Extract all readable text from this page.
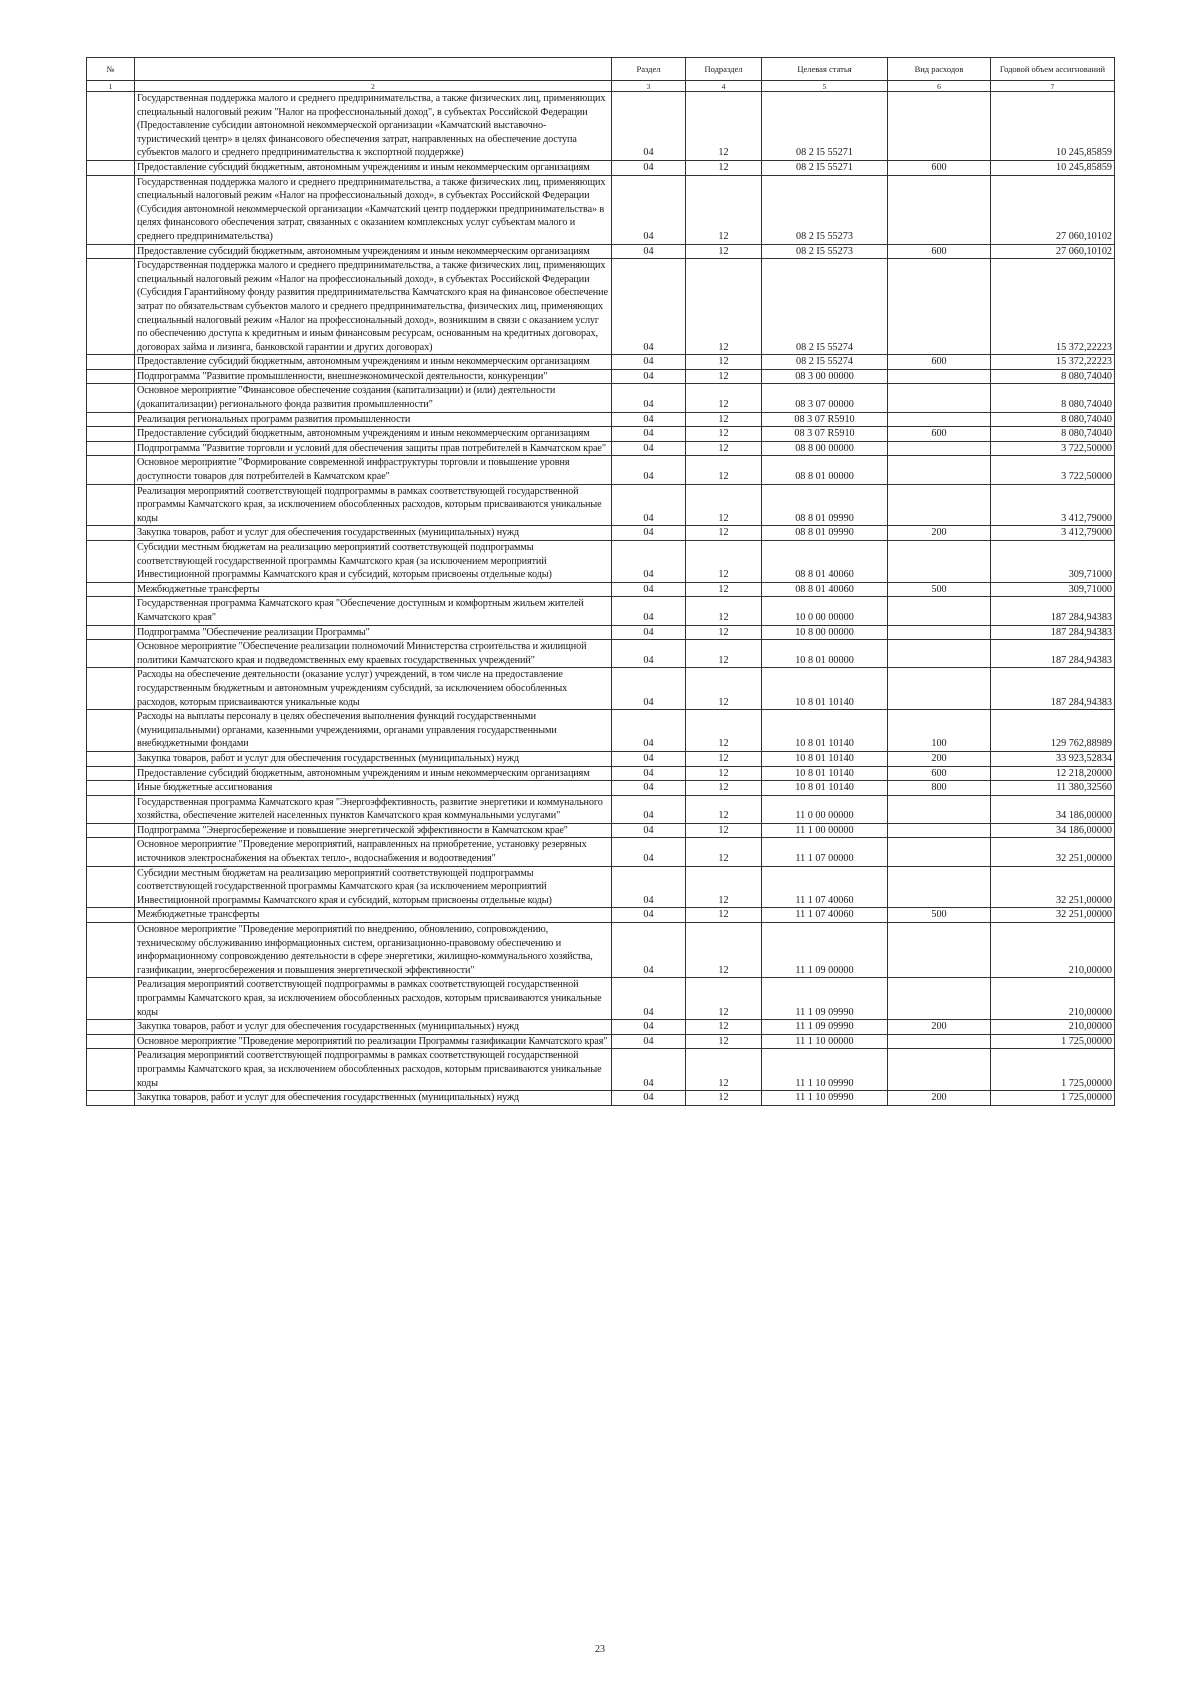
№		Раздел	Подраздел	Целевая статья	Вид расходов	Годовой объем ассигнований
1	2	3	4	5	6	7
	Государственная поддержка малого и среднего предпринимательства, а также физических лиц, применяющих специальный налоговый режим "Налог на профессиональный доход", в субъектах Российской Федерации (Предоставление субсидии автономной некоммерческой организации «Камчатский выставочно-туристический центр» в целях финансового обеспечения затрат, направленных на обеспечение доступа субъектов малого и среднего предпринимательства к экспортной поддержке)	04	12	08 2 I5 55271		10 245,85859
	Предоставление субсидий бюджетным, автономным учреждениям и иным некоммерческим организациям	04	12	08 2 I5 55271	600	10 245,85859
	Государственная поддержка малого и среднего предпринимательства, а также физических лиц, применяющих специальный налоговый режим «Налог на профессиональный доход», в субъектах Российской Федерации (Субсидия автономной некоммерческой организации «Камчатский центр поддержки предпринимательства» в целях финансового обеспечения затрат, связанных с оказанием комплексных услуг субъектам малого и среднего предпринимательства)	04	12	08 2 I5 55273		27 060,10102
	Предоставление субсидий бюджетным, автономным учреждениям и иным некоммерческим организациям	04	12	08 2 I5 55273	600	27 060,10102
	Государственная поддержка малого и среднего предпринимательства, а также физических лиц, применяющих специальный налоговый режим «Налог на профессиональный доход», в субъектах Российской Федерации (Субсидия Гарантийному фонду развития предпринимательства Камчатского края на финансовое обеспечение затрат по обязательствам субъектов малого и среднего предпринимательства, физических лиц, применяющих специальный налоговый режим «Налог на профессиональный доход», возникшим в связи с оказанием услуг по обеспечению доступа к кредитным и иным финансовым ресурсам, основанным на кредитных договорах, договорах займа и лизинга, банковской гарантии и других договорах)	04	12	08 2 I5 55274		15 372,22223
	Предоставление субсидий бюджетным, автономным учреждениям и иным некоммерческим организациям	04	12	08 2 I5 55274	600	15 372,22223
	Подпрограмма "Развитие промышленности, внешнеэкономической деятельности, конкуренции"	04	12	08 3 00 00000		8 080,74040
	Основное мероприятие "Финансовое обеспечение создания (капитализации) и (или) деятельности (докапитализации) регионального фонда развития промышленности"	04	12	08 3 07 00000		8 080,74040
	Реализация региональных программ развития промышленности	04	12	08 3 07 R5910		8 080,74040
	Предоставление субсидий бюджетным, автономным учреждениям и иным некоммерческим организациям	04	12	08 3 07 R5910	600	8 080,74040
	Подпрограмма "Развитие торговли и условий для обеспечения защиты прав потребителей в Камчатском крае"	04	12	08 8 00 00000		3 722,50000
	Основное мероприятие "Формирование современной инфраструктуры торговли и повышение уровня доступности товаров для потребителей в Камчатском крае"	04	12	08 8 01 00000		3 722,50000
	Реализация мероприятий соответствующей подпрограммы в рамках соответствующей государственной программы Камчатского края, за исключением обособленных расходов, которым присваиваются уникальные коды	04	12	08 8 01 09990		3 412,79000
	Закупка товаров, работ и услуг для обеспечения государственных (муниципальных) нужд	04	12	08 8 01 09990	200	3 412,79000
	Субсидии местным бюджетам на реализацию мероприятий соответствующей подпрограммы соответствующей государственной программы Камчатского края (за исключением мероприятий Инвестиционной программы Камчатского края и субсидий, которым присвоены отдельные коды)	04	12	08 8 01 40060		309,71000
	Межбюджетные трансферты	04	12	08 8 01 40060	500	309,71000
	Государственная программа Камчатского края "Обеспечение доступным и комфортным жильем жителей Камчатского края"	04	12	10 0 00 00000		187 284,94383
	Подпрограмма "Обеспечение реализации Программы"	04	12	10 8 00 00000		187 284,94383
	Основное мероприятие "Обеспечение реализации полномочий Министерства строительства и жилищной политики Камчатского края и подведомственных ему краевых государственных учреждений"	04	12	10 8 01 00000		187 284,94383
	Расходы на обеспечение деятельности (оказание услуг) учреждений, в том числе на предоставление государственным бюджетным и автономным учреждениям субсидий, за исключением обособленных расходов, которым присваиваются уникальные коды	04	12	10 8 01 10140		187 284,94383
	Расходы на выплаты персоналу в целях обеспечения выполнения функций государственными (муниципальными) органами, казенными учреждениями, органами управления государственными внебюджетными фондами	04	12	10 8 01 10140	100	129 762,88989
	Закупка товаров, работ и услуг для обеспечения государственных (муниципальных) нужд	04	12	10 8 01 10140	200	33 923,52834
	Предоставление субсидий бюджетным, автономным учреждениям и иным некоммерческим организациям	04	12	10 8 01 10140	600	12 218,20000
	Иные бюджетные ассигнования	04	12	10 8 01 10140	800	11 380,32560
	Государственная программа Камчатского края "Энергоэффективность, развитие энергетики и коммунального хозяйства, обеспечение жителей населенных пунктов Камчатского края коммунальными услугами"	04	12	11 0 00 00000		34 186,00000
	Подпрограмма "Энергосбережение и повышение энергетической эффективности в Камчатском крае"	04	12	11 1 00 00000		34 186,00000
	Основное мероприятие "Проведение мероприятий, направленных на приобретение, установку резервных источников электроснабжения на объектах тепло-, водоснабжения и водоотведения"	04	12	11 1 07 00000		32 251,00000
	Субсидии местным бюджетам на реализацию мероприятий соответствующей подпрограммы соответствующей государственной программы Камчатского края (за исключением мероприятий Инвестиционной программы Камчатского края и субсидий, которым присвоены отдельные коды)	04	12	11 1 07 40060		32 251,00000
	Межбюджетные трансферты	04	12	11 1 07 40060	500	32 251,00000
	Основное мероприятие "Проведение мероприятий по внедрению, обновлению, сопровождению, техническому обслуживанию информационных систем, организационно-правовому обеспечению и информационному сопровождению деятельности в сфере энергетики, жилищно-коммунального хозяйства, газификации, энергосбережения и повышения энергетической эффективности"	04	12	11 1 09 00000		210,00000
	Реализация мероприятий соответствующей подпрограммы в рамках соответствующей государственной программы Камчатского края, за исключением обособленных расходов, которым присваиваются уникальные коды	04	12	11 1 09 09990		210,00000
	Закупка товаров, работ и услуг для обеспечения государственных (муниципальных) нужд	04	12	11 1 09 09990	200	210,00000
	Основное мероприятие "Проведение мероприятий по реализации Программы газификации Камчатского края"	04	12	11 1 10 00000		1 725,00000
	Реализация мероприятий соответствующей подпрограммы в рамках соответствующей государственной программы Камчатского края, за исключением обособленных расходов, которым присваиваются уникальные коды	04	12	11 1 10 09990		1 725,00000
	Закупка товаров, работ и услуг для обеспечения государственных (муниципальных) нужд	04	12	11 1 10 09990	200	1 725,00000
23
